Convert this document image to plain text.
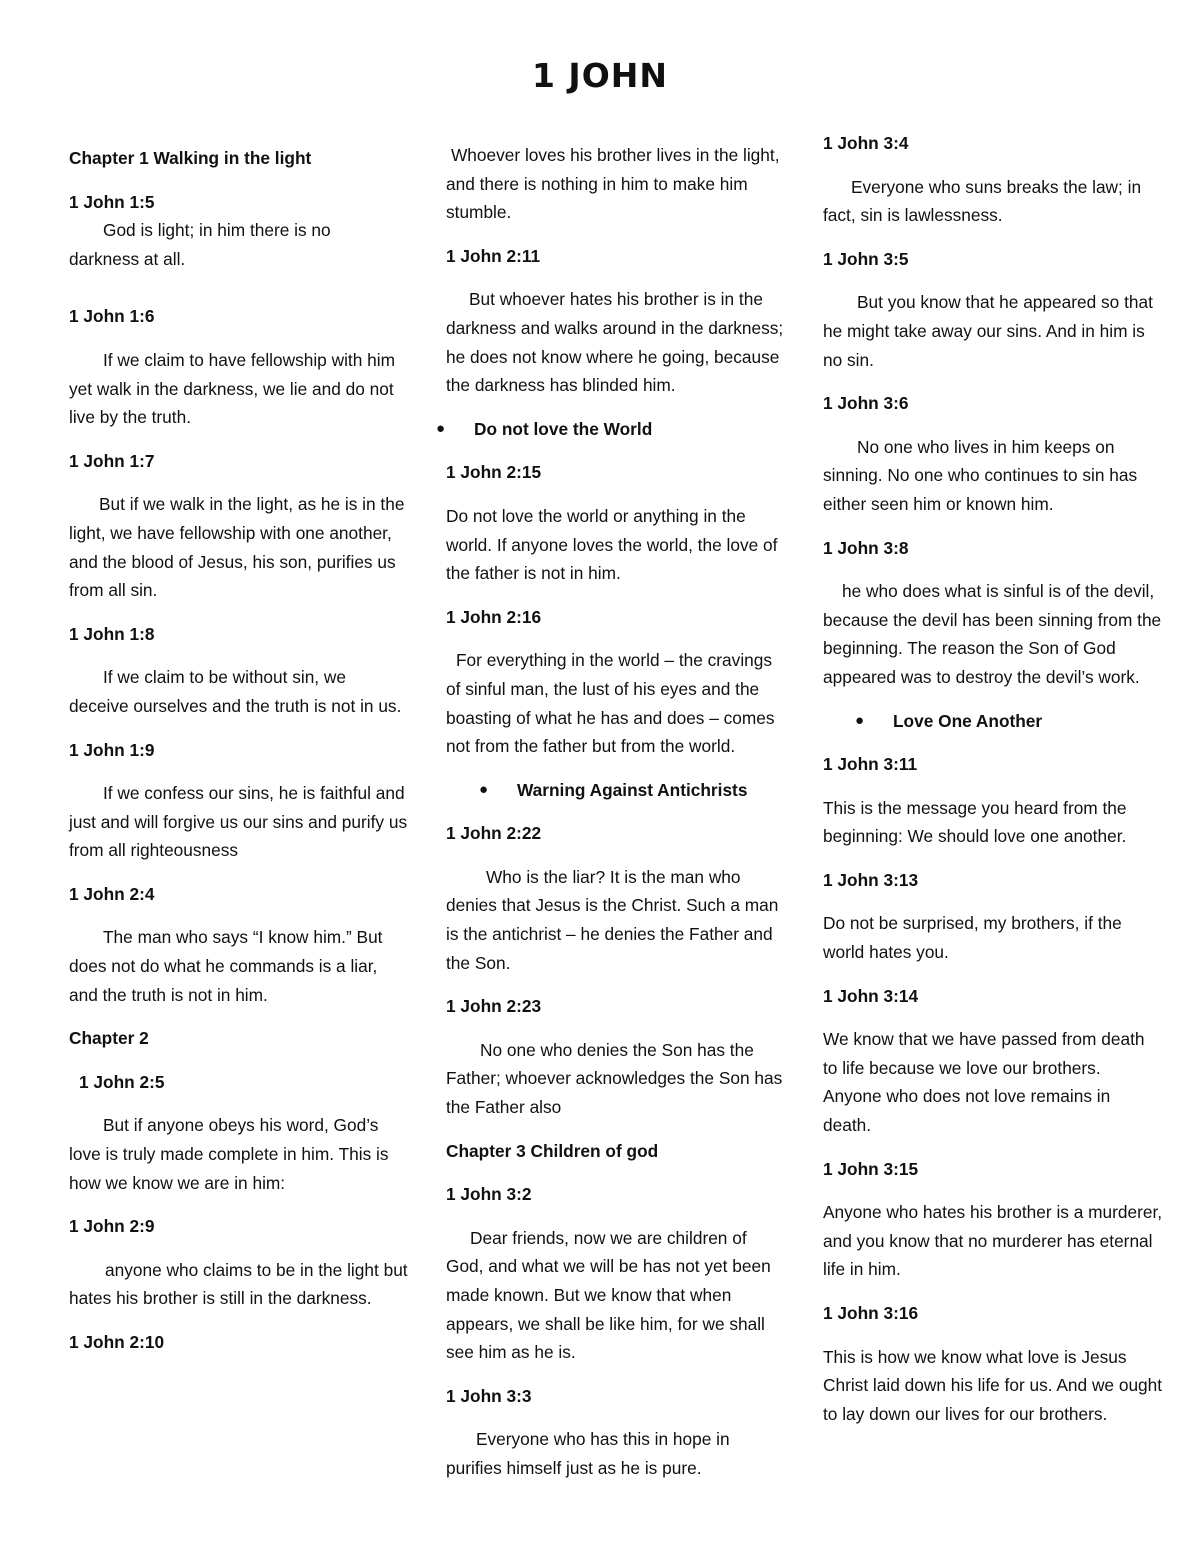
1 JOHN
Chapter 1 Walking in the light
1 John 1:5
God is light; in him there is no
darkness at all.
1 John 1:6
If we claim to have fellowship with him yet walk in the darkness, we lie and do not live by the truth.
1 John 1:7
But if we walk in the light, as he is in the light, we have fellowship with one another, and the blood of Jesus, his son, purifies us from all sin.
1 John 1:8
If we claim to be without sin, we deceive ourselves and the truth is not in us.
1 John 1:9
If we confess our sins, he is faithful and just and will forgive us our sins and purify us from all righteousness
1 John 2:4
The man who says “I know him.” But does not do what he commands is a liar, and the truth is not in him.
Chapter 2
1 John 2:5
But if anyone obeys his word, God’s love is truly made complete in him. This is how we know we are in him:
1 John 2:9
anyone who claims to be in the light but hates his brother is still in the darkness.
1 John 2:10
Whoever loves his brother lives in the light, and there is nothing in him to make him stumble.
1 John 2:11
But whoever hates his brother is in the darkness and walks around in the darkness; he does not know where he going, because the darkness has blinded him.
● Do not love the World
1 John 2:15
Do not love the world or anything in the world. If anyone loves the world, the love of the father is not in him.
1 John 2:16
For everything in the world – the cravings of sinful man, the lust of his eyes and the boasting of what he has and does – comes not from the father but from the world.
● Warning Against Antichrists
1 John 2:22
Who is the liar? It is the man who denies that Jesus is the Christ. Such a man is the antichrist – he denies the Father and the Son.
1 John 2:23
No one who denies the Son has the Father; whoever acknowledges the Son has the Father also
Chapter 3 Children of god
1 John 3:2
Dear friends, now we are children of God, and what we will be has not yet been made known. But we know that when appears, we shall be like him, for we shall see him as he is.
1 John 3:3
Everyone who has this in hope in purifies himself just as he is pure.
1 John 3:4
Everyone who suns breaks the law; in fact, sin is lawlessness.
1 John 3:5
But you know that he appeared so that he might take away our sins. And in him is no sin.
1 John 3:6
No one who lives in him keeps on sinning. No one who continues to sin has either seen him or known him.
1 John 3:8
he who does what is sinful is of the devil, because the devil has been sinning from the beginning. The reason the Son of God appeared was to destroy the devil’s work.
● Love One Another
1 John 3:11
This is the message you heard from the beginning: We should love one another.
1 John 3:13
Do not be surprised, my brothers, if the world hates you.
1 John 3:14
We know that we have passed from death to life because we love our brothers. Anyone who does not love remains in death.
1 John 3:15
Anyone who hates his brother is a murderer, and you know that no murderer has eternal life in him.
1 John 3:16
This is how we know what love is Jesus Christ laid down his life for us. And we ought to lay down our lives for our brothers.
